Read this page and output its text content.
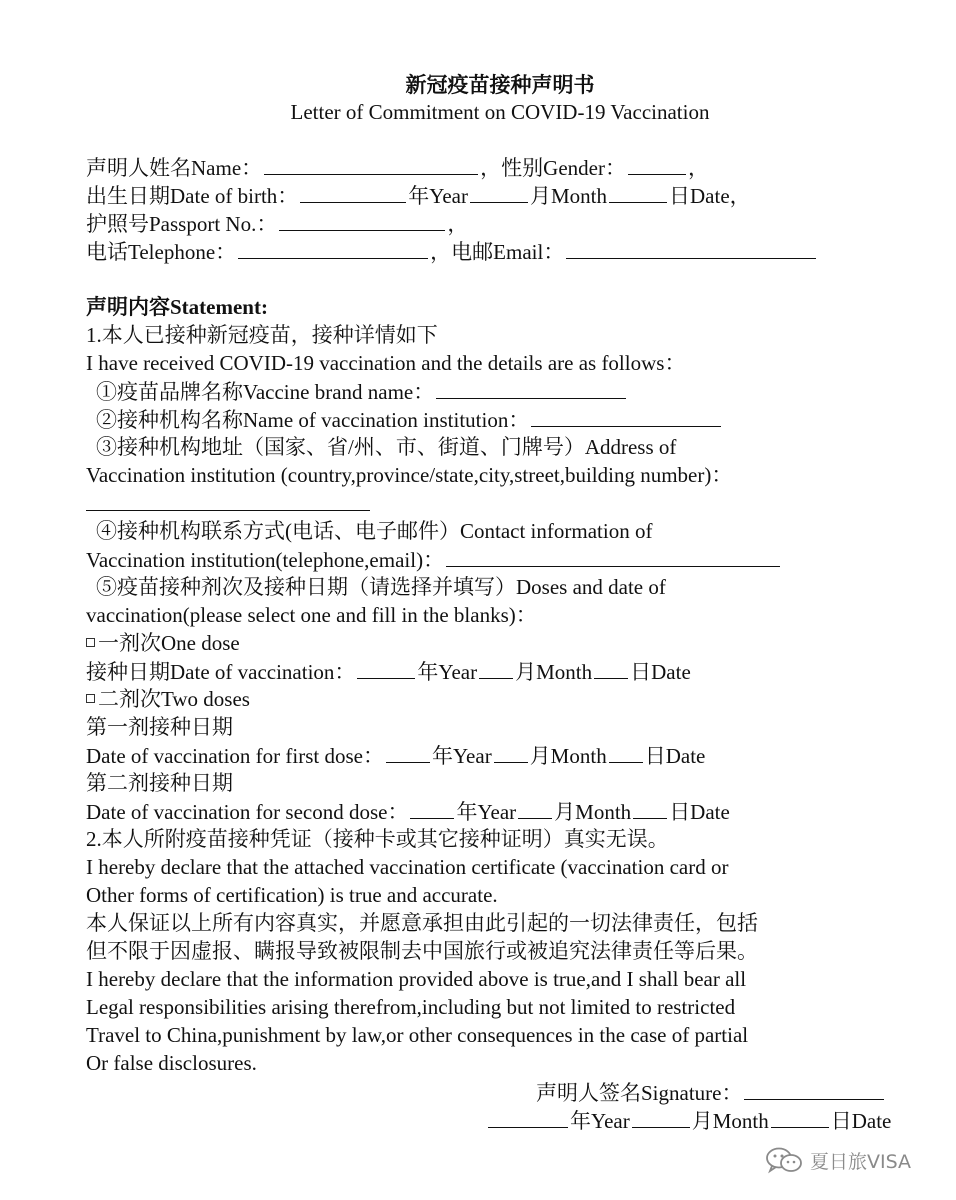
新冠疫苗接种声明书
Letter of Commitment on COVID-19 Vaccination
声明人姓名Name：	，性别Gender：	，
出生日期Date of birth：	年Year	月Month	日Date，
护照号Passport No.：	，
电话Telephone：	，电邮Email：
声明内容Statement:
1.本人已接种新冠疫苗，接种详情如下
I have received COVID-19 vaccination and the details are as follows：
①疫苗品牌名称Vaccine brand name：
②接种机构名称Name of vaccination institution：
③接种机构地址（国家、省/州、市、街道、门牌号）Address of
Vaccination institution (country,province/state,city,street,building number)：
④接种机构联系方式(电话、电子邮件）Contact information of
Vaccination institution(telephone,email)：
⑤疫苗接种剂次及接种日期（请选择并填写）Doses and date of
vaccination(please select one and fill in the blanks)：
一剂次One dose
接种日期Date of vaccination：	年Year 月Month 日Date
二剂次Two doses
第一剂接种日期
Date of vaccination for first dose： 年Year 月Month 日Date
第二剂接种日期
Date of vaccination for second dose： 年Year 月Month 日Date
2.本人所附疫苗接种凭证（接种卡或其它接种证明）真实无误。
I hereby declare that the attached vaccination certificate (vaccination card or
Other forms of certification) is true and accurate.
本人保证以上所有内容真实，并愿意承担由此引起的一切法律责任，包括
但不限于因虚报、瞒报导致被限制去中国旅行或被追究法律责任等后果。
I hereby declare that the information provided above is true,and I shall bear all
Legal responsibilities arising therefrom,including but not limited to restricted
Travel to China,punishment by law,or other consequences in the case of partial
Or false disclosures.
声明人签名Signature：
年Year	月Month	日Date
夏日旅VISA
